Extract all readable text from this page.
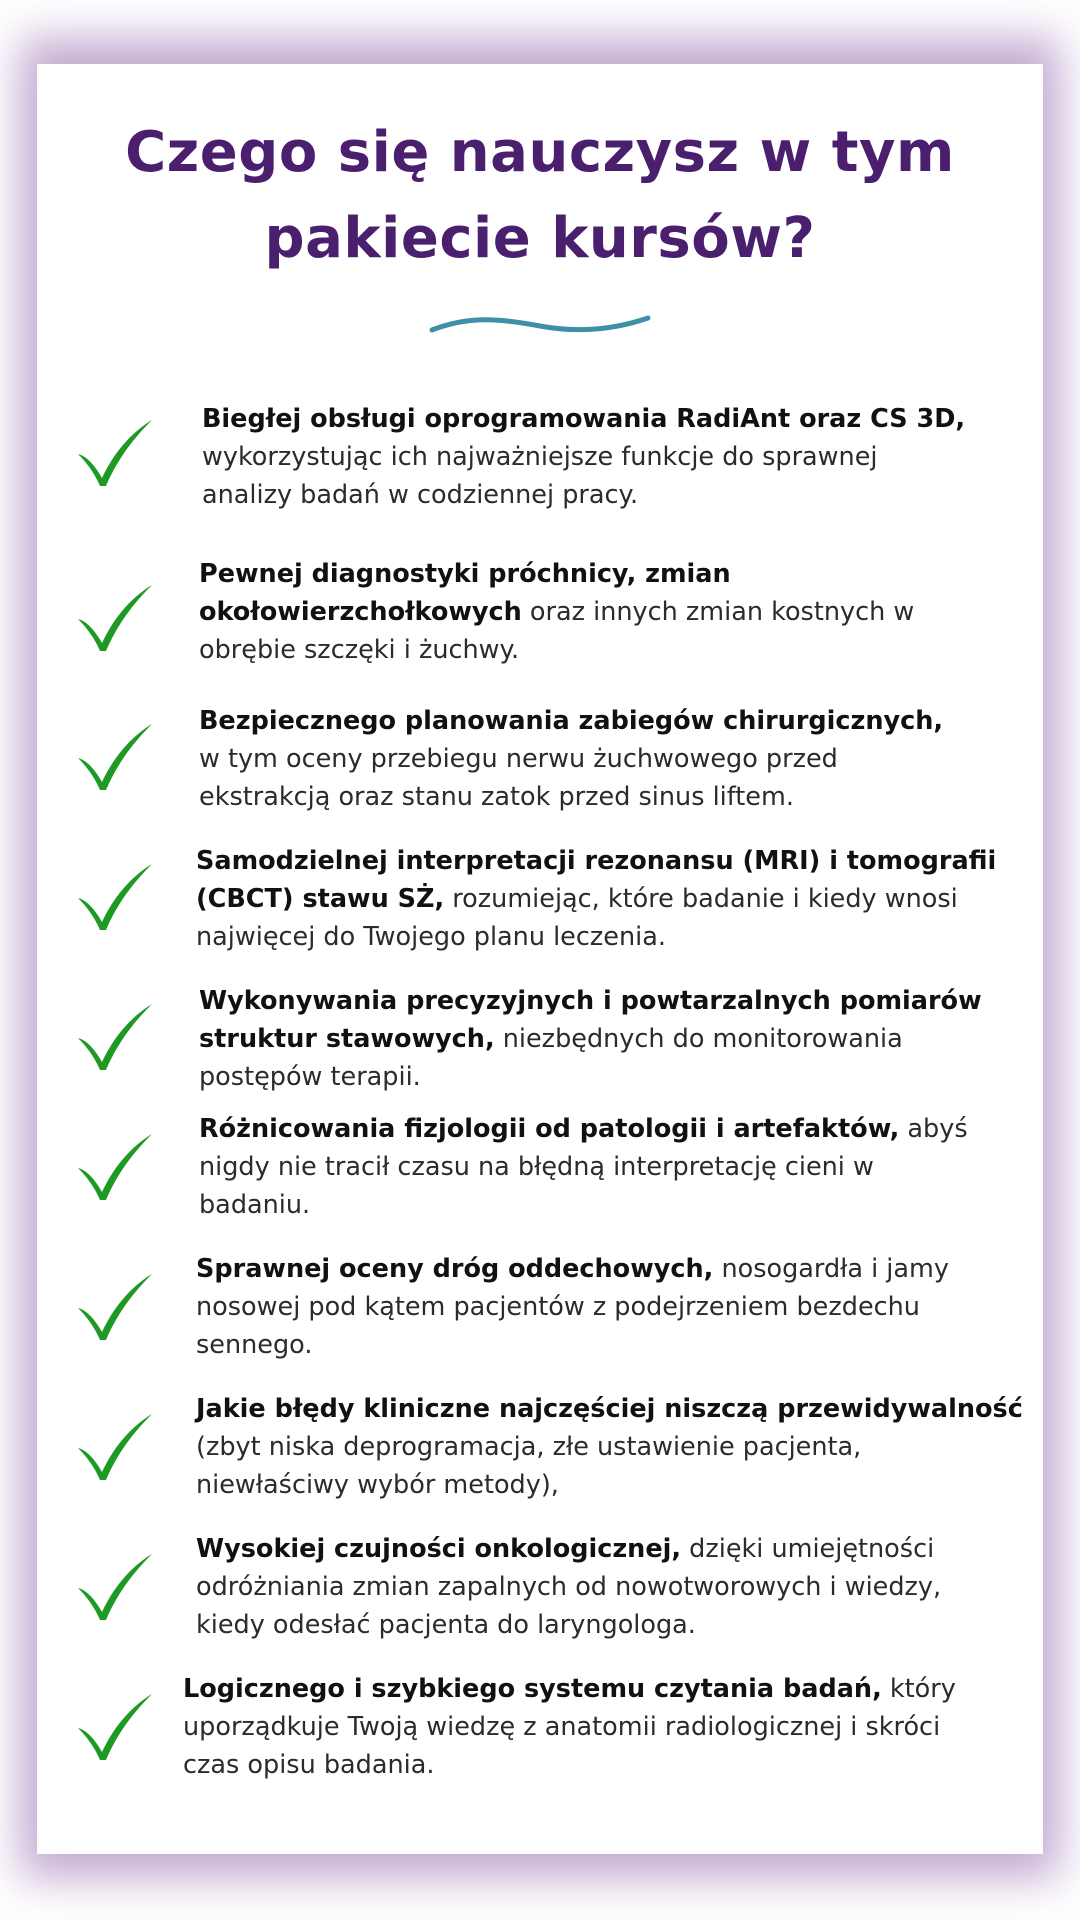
Czego się nauczysz w tym
pakiecie kursów?
Biegłej obsługi oprogramowania RadiAnt oraz CS 3D,
wykorzystując ich najważniejsze funkcje do sprawnej
analizy badań w codziennej pracy.
Pewnej diagnostyki próchnicy, zmian
okołowierzchołkowych oraz innych zmian kostnych w
obrębie szczęki i żuchwy.
Bezpiecznego planowania zabiegów chirurgicznych,
w tym oceny przebiegu nerwu żuchwowego przed
ekstrakcją oraz stanu zatok przed sinus liftem.
Samodzielnej interpretacji rezonansu (MRI) i tomografii
(CBCT) stawu SŻ, rozumiejąc, które badanie i kiedy wnosi
najwięcej do Twojego planu leczenia.
Wykonywania precyzyjnych i powtarzalnych pomiarów
struktur stawowych, niezbędnych do monitorowania
postępów terapii.
Różnicowania fizjologii od patologii i artefaktów, abyś
nigdy nie tracił czasu na błędną interpretację cieni w
badaniu.
Sprawnej oceny dróg oddechowych, nosogardła i jamy
nosowej pod kątem pacjentów z podejrzeniem bezdechu
sennego.
Jakie błędy kliniczne najczęściej niszczą przewidywalność
(zbyt niska deprogramacja, złe ustawienie pacjenta,
niewłaściwy wybór metody),
Wysokiej czujności onkologicznej, dzięki umiejętności
odróżniania zmian zapalnych od nowotworowych i wiedzy,
kiedy odesłać pacjenta do laryngologa.
Logicznego i szybkiego systemu czytania badań, który
uporządkuje Twoją wiedzę z anatomii radiologicznej i skróci
czas opisu badania.
